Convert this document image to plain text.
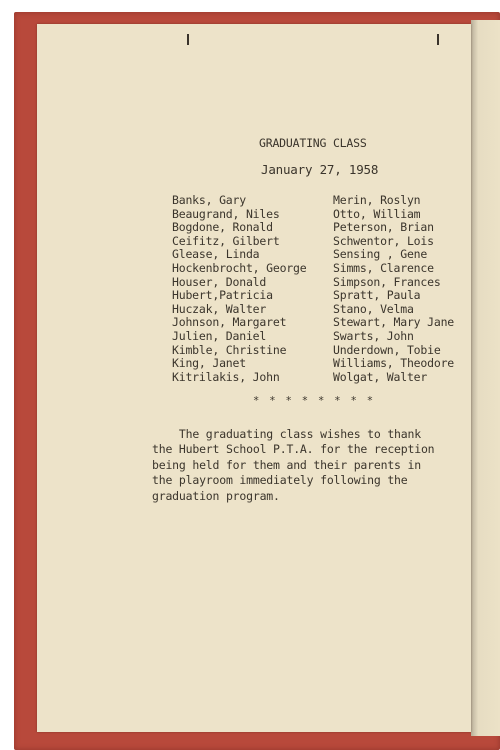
GRADUATING CLASS
January 27, 1958
Banks, Gary
Beaugrand, Niles
Bogdone, Ronald
Ceifitz, Gilbert
Glease, Linda
Hockenbrocht, George
Houser, Donald
Hubert,Patricia
Huczak, Walter
Johnson, Margaret
Julien, Daniel
Kimble, Christine
King, Janet
Kitrilakis, John
Merin, Roslyn
Otto, William
Peterson, Brian
Schwentor, Lois
Sensing , Gene
Simms, Clarence
Simpson, Frances
Spratt, Paula
Stano, Velma
Stewart, Mary Jane
Swarts, John
Underdown, Tobie
Williams, Theodore
Wolgat, Walter
* * * * * * * *

The graduating class wishes to thank
the Hubert School P.T.A. for the reception
being held for them and their parents in
the playroom immediately following the
graduation program.
